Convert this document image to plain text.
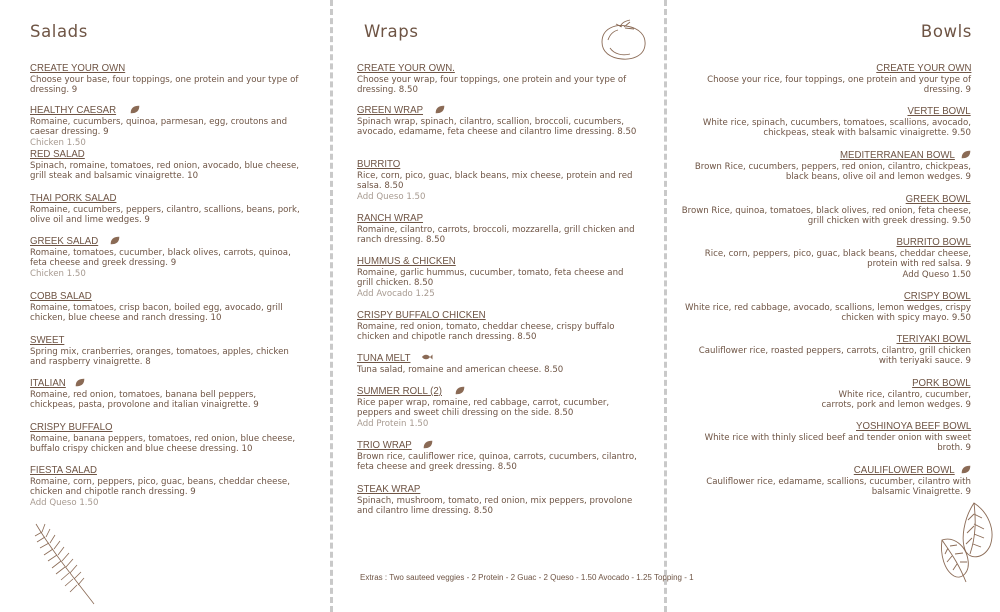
Salads
CREATE YOUR OWN
Choose your base, four toppings, one protein and your type of dressing. 9
HEALTHY CAESAR
Romaine, cucumbers, quinoa, parmesan, egg, croutons and caesar dressing. 9
Chicken 1.50
RED SALAD
Spinach, romaine, tomatoes, red onion, avocado, blue cheese, grill steak and balsamic vinaigrette. 10
THAI PORK SALAD
Romaine, cucumbers, peppers, cilantro, scallions, beans, pork, olive oil and lime wedges. 9
GREEK SALAD
Romaine, tomatoes, cucumber, black olives, carrots, quinoa, feta cheese and greek dressing. 9
Chicken 1.50
COBB SALAD
Romaine, tomatoes, crisp bacon, boiled egg, avocado, grill chicken, blue cheese and ranch dressing. 10
SWEET
Spring mix, cranberries, oranges, tomatoes, apples, chicken and raspberry vinaigrette. 8
ITALIAN
Romaine, red onion, tomatoes, banana bell peppers, chickpeas, pasta, provolone and italian vinaigrette. 9
CRISPY BUFFALO
Romaine, banana peppers, tomatoes, red onion, blue cheese, buffalo crispy chicken and blue cheese dressing. 10
FIESTA SALAD
Romaine, corn, peppers, pico, guac, beans, cheddar cheese, chicken and chipotle ranch dressing. 9
Add Queso 1.50
Wraps
CREATE YOUR OWN.
Choose your wrap, four toppings, one protein and your type of dressing. 8.50
GREEN WRAP
Spinach wrap, spinach, cilantro, scallion, broccoli, cucumbers, avocado, edamame, feta cheese and cilantro lime dressing. 8.50
BURRITO
Rice, corn, pico, guac, black beans, mix cheese, protein and red salsa. 8.50
Add Queso 1.50
RANCH WRAP
Romaine, cilantro, carrots, broccoli, mozzarella, grill chicken and ranch dressing. 8.50
HUMMUS & CHICKEN
Romaine, garlic hummus, cucumber, tomato, feta cheese and grill chicken. 8.50
Add Avocado 1.25
CRISPY BUFFALO CHICKEN
Romaine, red onion, tomato, cheddar cheese, crispy buffalo chicken and chipotle ranch dressing. 8.50
TUNA MELT
Tuna salad, romaine and american cheese. 8.50
SUMMER ROLL (2)
Rice paper wrap, romaine, red cabbage, carrot, cucumber, peppers and sweet chili dressing on the side. 8.50
Add Protein 1.50
TRIO WRAP
Brown rice, cauliflower rice, quinoa, carrots, cucumbers, cilantro, feta cheese and greek dressing. 8.50
STEAK WRAP
Spinach, mushroom, tomato, red onion, mix peppers, provolone and cilantro lime dressing. 8.50
Extras : Two sauteed veggies - 2 Protein - 2 Guac - 2 Queso - 1.50 Avocado - 1.25 Topping - 1
Bowls
CREATE YOUR OWN
Choose your rice, four toppings, one protein and your type of dressing. 9
VERTE BOWL
White rice, spinach, cucumbers, tomatoes, scallions, avocado, chickpeas, steak with balsamic vinaigrette. 9.50
MEDITERRANEAN BOWL
Brown Rice, cucumbers, peppers, red onion, cilantro, chickpeas, black beans, olive oil and lemon wedges. 9
GREEK BOWL
Brown Rice, quinoa, tomatoes, black olives, red onion, feta cheese, grill chicken with greek dressing. 9.50
BURRITO BOWL
Rice, corn, peppers, pico, guac, black beans, cheddar cheese, protein with red salsa. 9
Add Queso 1.50
CRISPY BOWL
White rice, red cabbage, avocado, scallions, lemon wedges, crispy chicken with spicy mayo. 9.50
TERIYAKI BOWL
Cauliflower rice, roasted peppers, carrots, cilantro, grill chicken with teriyaki sauce. 9
PORK BOWL
White rice, cilantro, cucumber, carrots, pork and lemon wedges. 9
YOSHINOYA BEEF BOWL
White rice with thinly sliced beef and tender onion with sweet broth. 9
CAULIFLOWER BOWL
Cauliflower rice, edamame, scallions, cucumber, cilantro with balsamic Vinaigrette. 9
